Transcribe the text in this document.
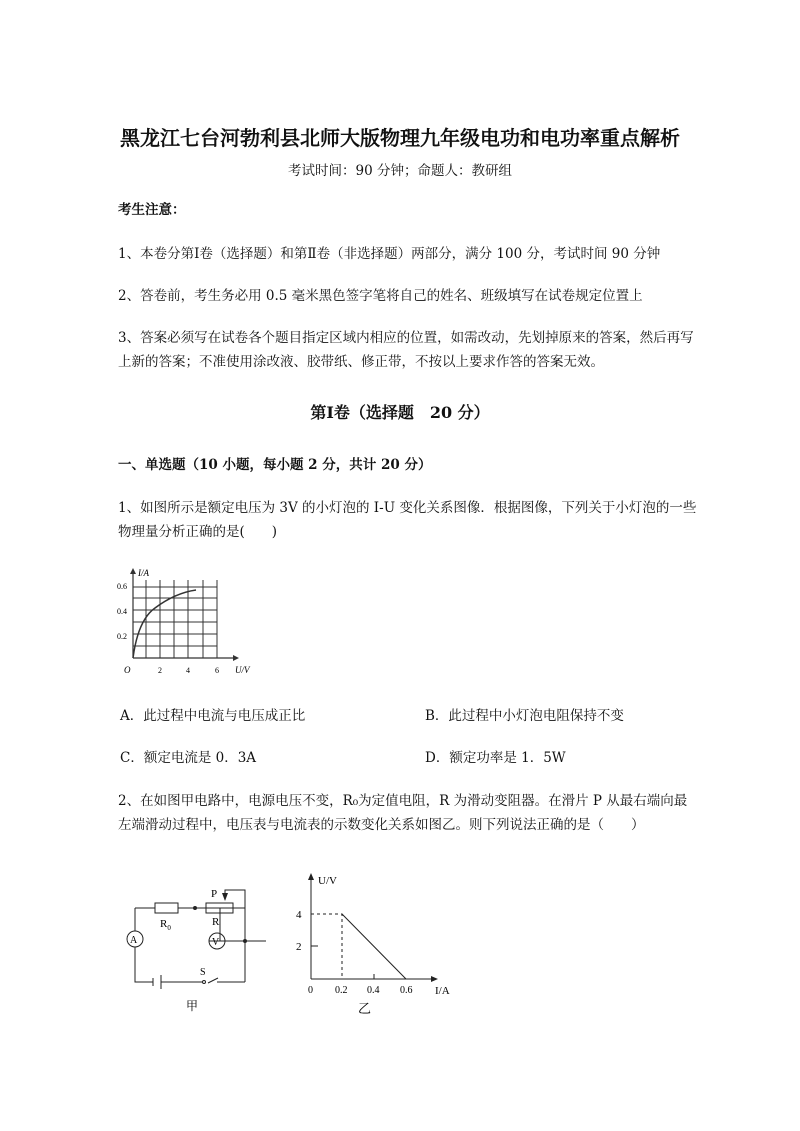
黑龙江七台河勃利县北师大版物理九年级电功和电功率重点解析
考试时间：90 分钟；命题人：教研组
考生注意：
1、本卷分第Ⅰ卷（选择题）和第Ⅱ卷（非选择题）两部分，满分 100 分，考试时间 90 分钟
2、答卷前，考生务必用 0.5 毫米黑色签字笔将自己的姓名、班级填写在试卷规定位置上
3、答案必须写在试卷各个题目指定区域内相应的位置，如需改动，先划掉原来的答案，然后再写上新的答案；不准使用涂改液、胶带纸、修正带，不按以上要求作答的答案无效。
第Ⅰ卷（选择题　20 分）
一、单选题（10 小题，每小题 2 分，共计 20 分）
1、如图所示是额定电压为 3V 的小灯泡的 I-U 变化关系图像．根据图像，下列关于小灯泡的一些物理量分析正确的是(　　)
I/A
U/V
O
0.2
0.4
0.6
2	4	6
A．此过程中电流与电压成正比	B．此过程中小灯泡电阻保持不变
C．额定电流是 0．3A	D．额定功率是 1．5W
2、在如图甲电路中，电源电压不变，R₀为定值电阻，R 为滑动变阻器。在滑片 P 从最右端向最左端滑动过程中，电压表与电流表的示数变化关系如图乙。则下列说法正确的是（　　）
A	V
$R_0$	R
P
S
甲
U/V
I/A
2
4
0 0.2 0.4 0.6
乙
